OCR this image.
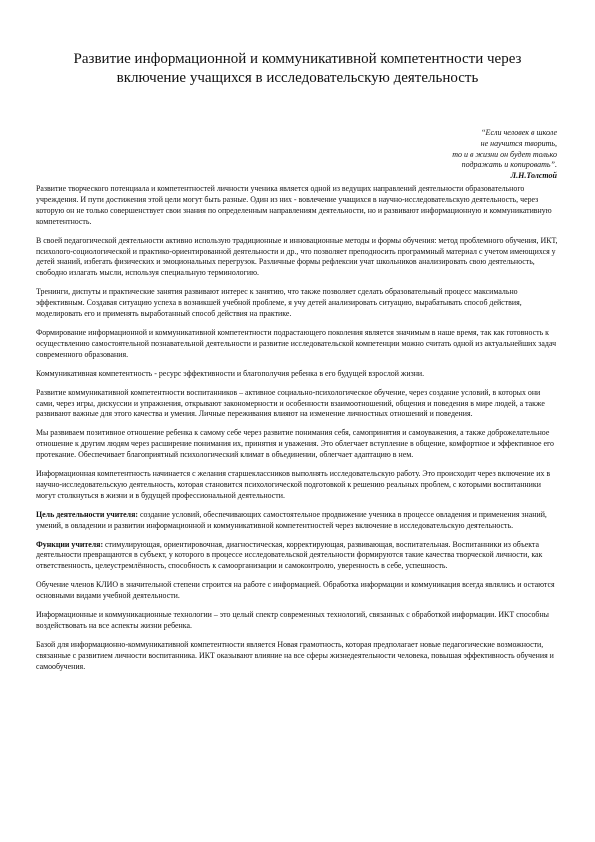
Развитие информационной и коммуникативной компетентности через
включение учащихся в исследовательскую деятельность
“Если человек в школе
не научится творить,
то и в жизни он будет только
подражать и копировать”.
Л.Н.Толстой

Развитие творческого потенциала и компетентностей личности ученика является одной из ведущих направлений деятельности образовательного учреждения. И пути достижения этой цели могут быть разные. Один из них - вовлечение учащихся в научно-исследовательскую деятельность, через которую он не только совершенствует свои знания по определенным направлениям деятельности, но и развивают информационную и коммуникативную компетентность.

В своей педагогической деятельности активно использую традиционные и инновационные методы и формы обучения: метод проблемного обучения, ИКТ, психолого-социологической и практико-ориентированной деятельности и др., что позволяет преподносить программный материал с учетом имеющихся у детей знаний, избегать физических и эмоциональных перегрузок. Различные формы рефлексии учат школьников анализировать свою деятельность, свободно излагать мысли, используя специальную терминологию.

Тренинги, диспуты и практические занятия развивают интерес к занятию, что также позволяет сделать образовательный процесс максимально эффективным. Создавая ситуацию успеха в возникшей учебной проблеме, я учу детей анализировать ситуацию, вырабатывать способ действия, моделировать его и применять выработанный способ действия на практике.

Формирование информационной и коммуникативной компетентности подрастающего поколения является значимым в наше время, так как готовность к осуществлению самостоятельной познавательной деятельности и развитие исследовательской компетенции можно считать одной из актуальнейших задач современного образования.

Коммуникативная компетентность - ресурс эффективности и благополучия ребенка в его будущей взрослой жизни.

Развитие коммуникативной компетентности воспитанников – активное социально-психологическое обучение, через создание условий, в которых они сами, через игры, дискуссии и упражнения, открывают закономерности и особенности взаимоотношений, общения и поведения в мире людей, а также развивают важные для этого качества и умения. Личные переживания влияют на изменение личностных отношений и поведения.

Мы развиваем позитивное отношение ребенка к самому себе через развитие понимания себя, самопринятия и самоуважения, а также доброжелательное отношение к другим людям через расширение понимания их, принятия и уважения. Это облегчает вступление в общение, комфортное и эффективное его протекание. Обеспечивает благоприятный психологический климат в объединении, облегчает адаптацию в нем.

Информационная компетентность начинается с желания старшеклассников выполнять исследовательскую работу. Это происходит через включение их в научно-исследовательскую деятельность, которая становится психологической подготовкой к решению реальных проблем, с которыми воспитанники могут столкнуться в жизни и в будущей профессиональной деятельности.

Цель деятельности учителя: создание условий, обеспечивающих самостоятельное продвижение ученика в процессе овладения и применения знаний, умений, в овладении и развитии информационной и коммуникативной компетентностей через включение в исследовательскую деятельность.

Функции учителя: стимулирующая, ориентировочная, диагностическая, корректирующая, развивающая, воспитательная. Воспитанники из объекта деятельности превращаются в субъект, у которого в процессе исследовательской деятельности формируются такие качества творческой личности, как ответственность, целеустремлённость, способность к самоорганизации и самоконтролю, уверенность в себе, успешность.

Обучение членов КЛИО в значительной степени строится на работе с информацией. Обработка информации и коммуникация всегда являлись и остаются основными видами учебной деятельности.

Информационные и коммуникационные технологии – это целый спектр современных технологий, связанных с обработкой информации. ИКТ способны воздействовать на все аспекты жизни ребенка.

Базой для информационно-коммуникативной компетентности является Новая грамотность, которая предполагает новые педагогические возможности, связанные с развитием личности воспитанника. ИКТ оказывают влияние на все сферы жизнедеятельности человека, повышая эффективность обучения и самообучения.
